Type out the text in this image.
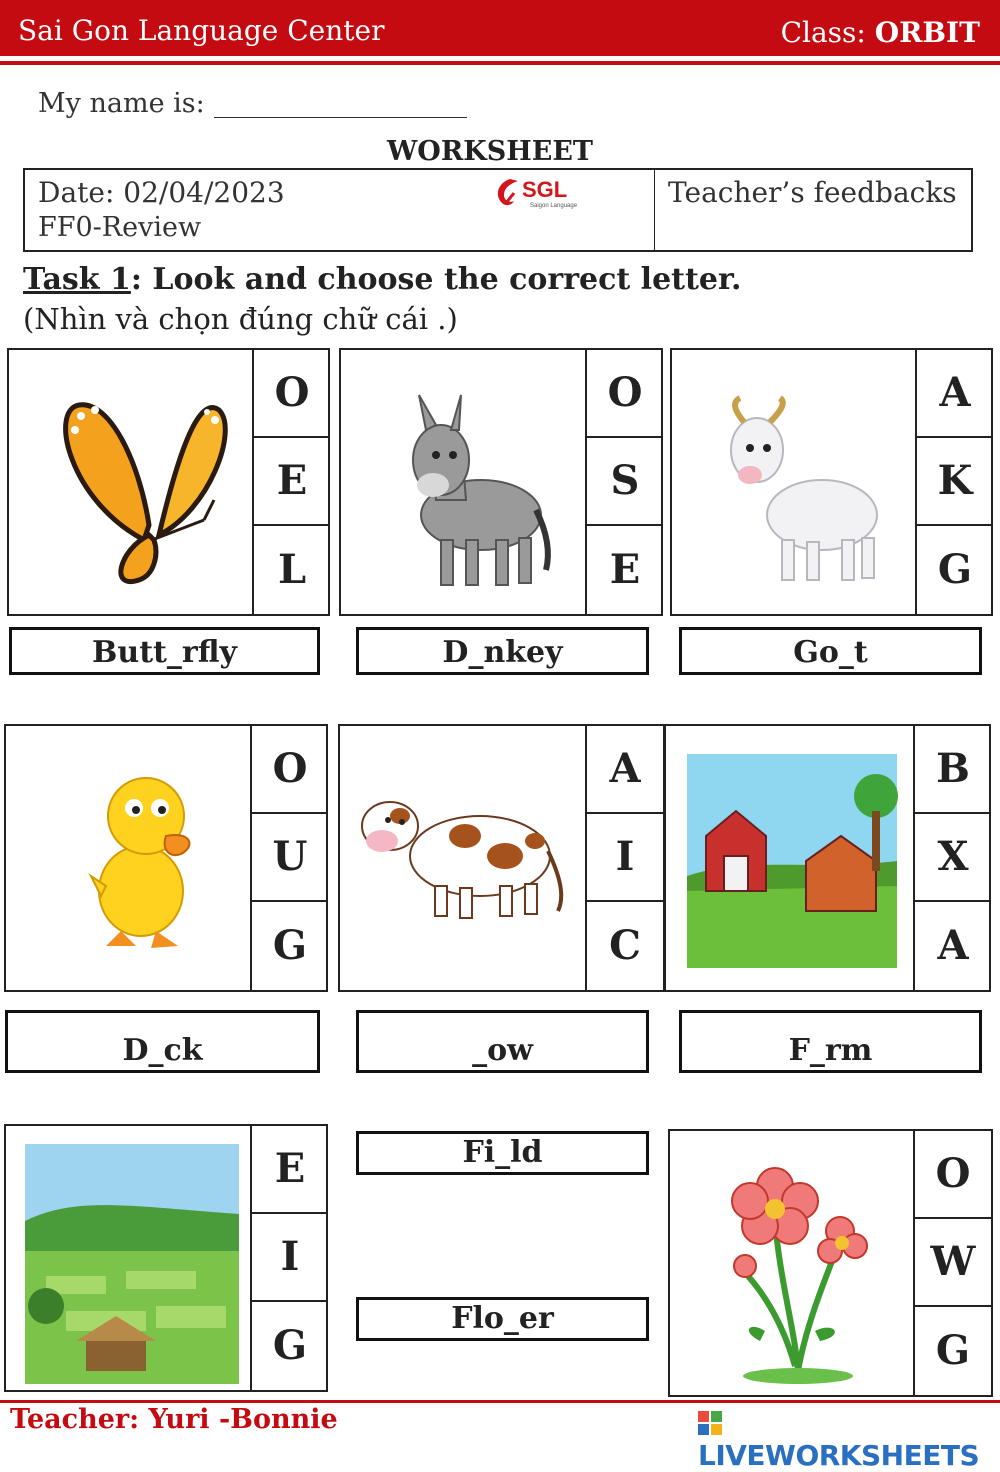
Sai Gon Language Center	Class: ORBIT
My name is:
WORKSHEET
Date: 02/04/2023
FF0-Review
Teacher’s feedbacks
SGL
Saigon Language
Task 1: Look and choose the correct letter.
(Nhìn và chọn đúng chữ cái .)
O
E
L
O
S
E
A
K
G
Butt_rfly	D_nkey	Go_t
O
U
G
A
I
C
B
X
A
D_ck	_ow	F_rm
E
I
G
Fi_ld
Flo_er
O
W
G
Teacher: Yuri -Bonnie
LIVEWORKSHEETS
